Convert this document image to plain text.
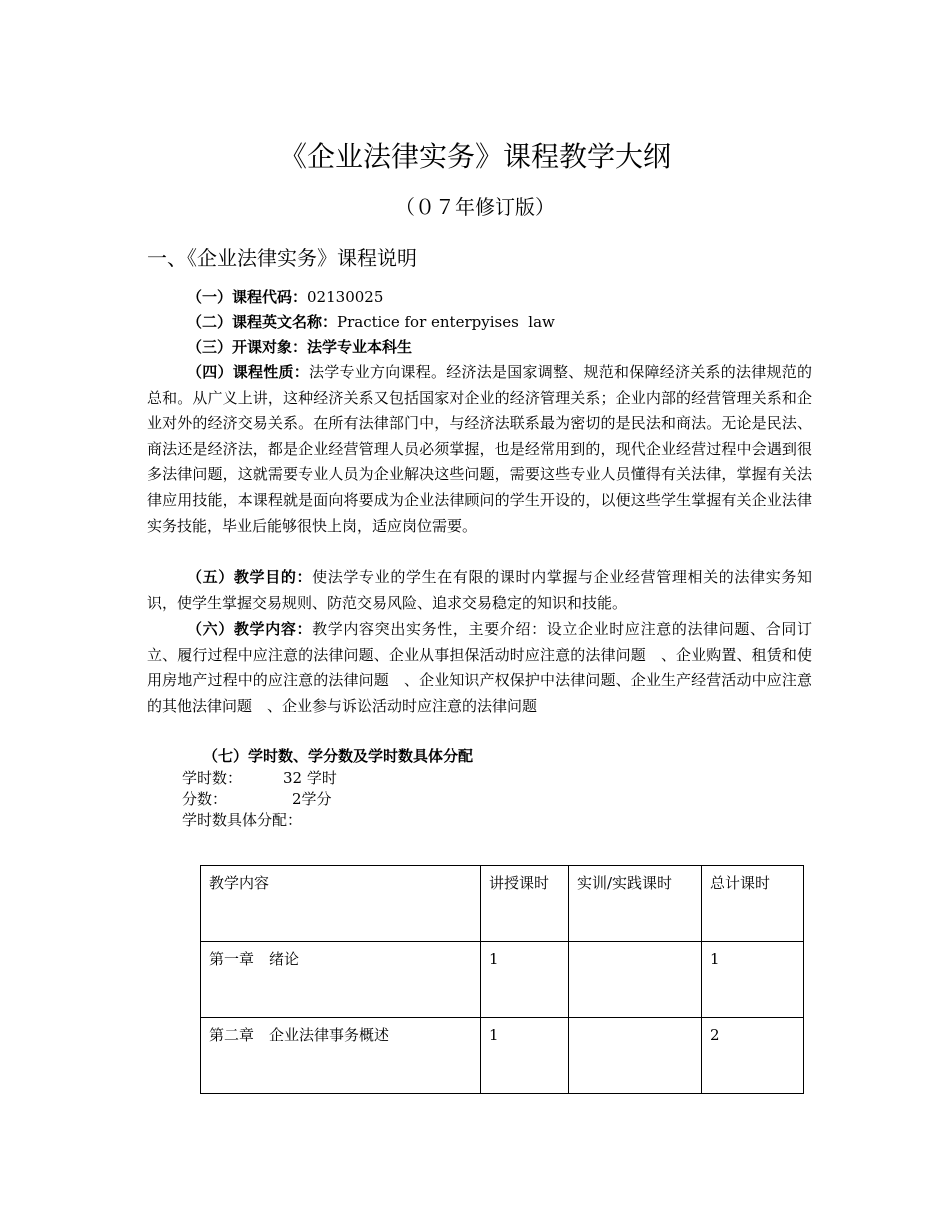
《企业法律实务》课程教学大纲
（０７年修订版）
一、《企业法律实务》课程说明
（一）课程代码：02130025
（二）课程英文名称：Practice for enterpyises  law
（三）开课对象：法学专业本科生
（四）课程性质：法学专业方向课程。经济法是国家调整、规范和保障经济关系的法律规范的总和。从广义上讲，这种经济关系又包括国家对企业的经济管理关系；企业内部的经营管理关系和企业对外的经济交易关系。在所有法律部门中，与经济法联系最为密切的是民法和商法。无论是民法、商法还是经济法，都是企业经营管理人员必须掌握，也是经常用到的，现代企业经营过程中会遇到很多法律问题，这就需要专业人员为企业解决这些问题，需要这些专业人员懂得有关法律，掌握有关法律应用技能，本课程就是面向将要成为企业法律顾问的学生开设的，以便这些学生掌握有关企业法律实务技能，毕业后能够很快上岗，适应岗位需要。
（五）教学目的：使法学专业的学生在有限的课时内掌握与企业经营管理相关的法律实务知识，使学生掌握交易规则、防范交易风险、追求交易稳定的知识和技能。
（六）教学内容：教学内容突出实务性，主要介绍：设立企业时应注意的法律问题、合同订立、履行过程中应注意的法律问题、企业从事担保活动时应注意的法律问题　、企业购置、租赁和使用房地产过程中的应注意的法律问题　、企业知识产权保护中法律问题、企业生产经营活动中应注意的其他法律问题　、企业参与诉讼活动时应注意的法律问题
（七）学时数、学分数及学时数具体分配
学时数：	32 学时
分数：	2学分
学时数具体分配：
教学内容	讲授课时	实训/实践课时	总计课时
第一章　绪论	1		1
第二章　企业法律事务概述	1		2
